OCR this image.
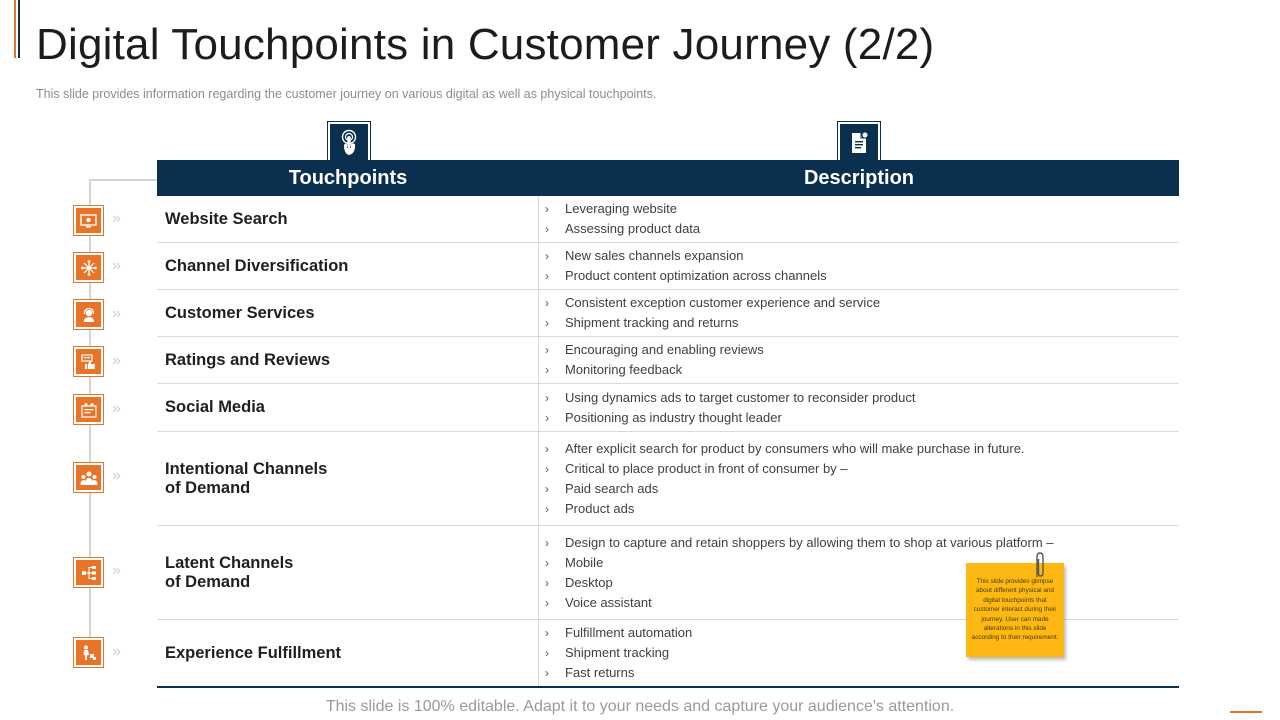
Digital Touchpoints in Customer Journey (2/2)

This slide provides information regarding the customer journey on various digital as well as physical touchpoints.

Touchpoints	Description
Website Search
› Leveraging website
› Assessing product data
Channel Diversification
› New sales channels expansion
› Product content optimization across channels
Customer Services
› Consistent exception customer experience and service
› Shipment tracking and returns
Ratings and Reviews
› Encouraging and enabling reviews
› Monitoring feedback
Social Media
› Using dynamics ads to target customer to reconsider product
› Positioning as industry thought leader
Intentional Channels
of Demand
› After explicit search for product by consumers who will make purchase in future.
› Critical to place product in front of consumer by –
› Paid search ads
› Product ads
Latent Channels
of Demand
› Design to capture and retain shoppers by allowing them to shop at various platform –
› Mobile
› Desktop
› Voice assistant
Experience Fulfillment
› Fulfillment automation
› Shipment tracking
› Fast returns
»
»
»
»
»
»
»
»

This slide provides glimpse about different physical and digital touchpoints that customer interact during their journey. User can made alterations in this slide according to their requirement.

This slide is 100% editable. Adapt it to your needs and capture your audience's attention.
